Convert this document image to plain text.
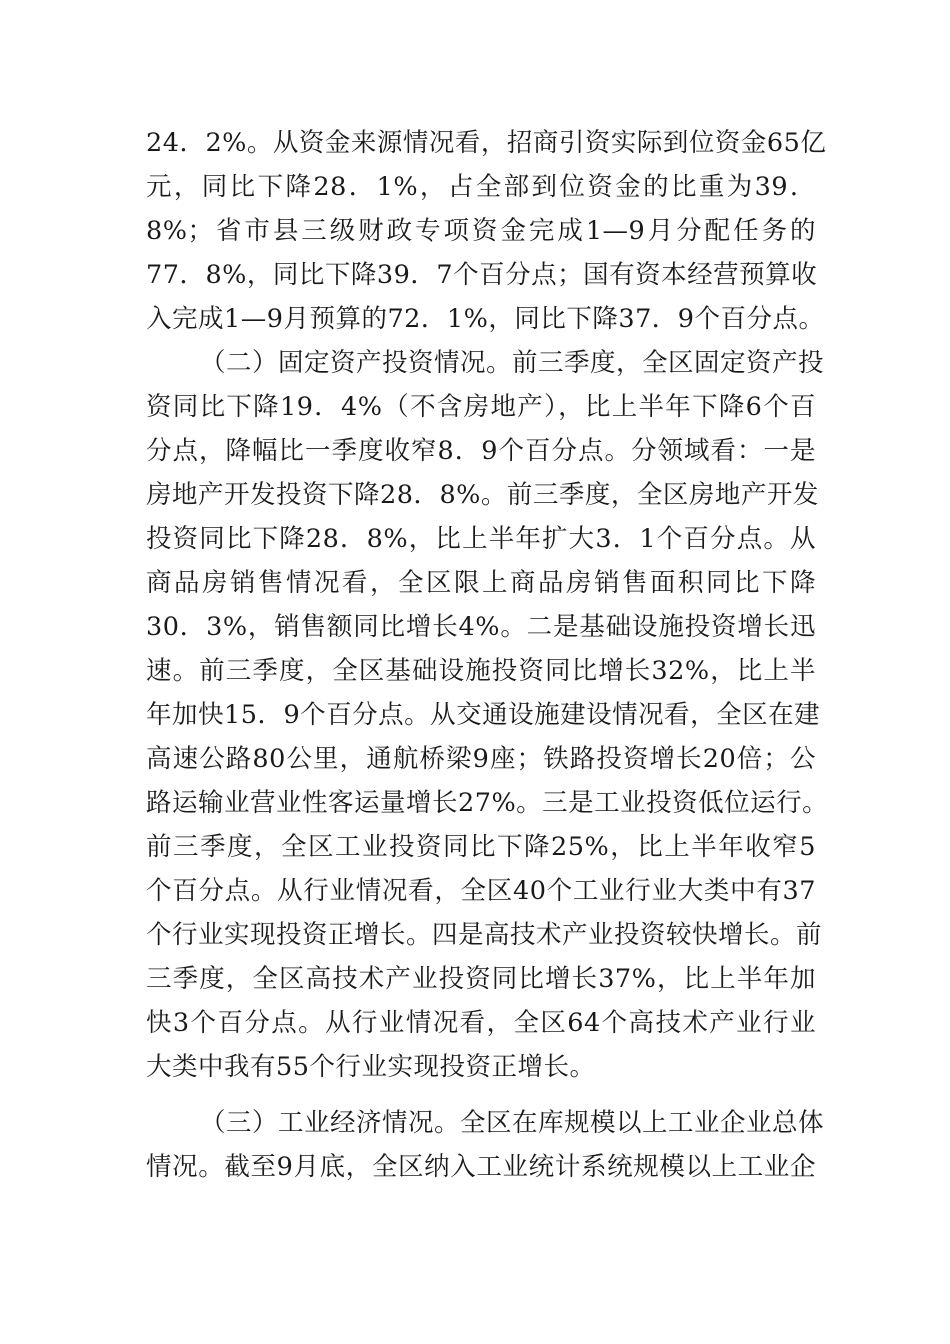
24．2%。从资金来源情况看，招商引资实际到位资金65亿
元，同比下降28．1%，占全部到位资金的比重为39．
8%；省市县三级财政专项资金完成1—9月分配任务的
77．8%，同比下降39．7个百分点；国有资本经营预算收
入完成1—9月预算的72．1%，同比下降37．9个百分点。
（二）固定资产投资情况。前三季度，全区固定资产投
资同比下降19．4%（不含房地产），比上半年下降6个百
分点，降幅比一季度收窄8．9个百分点。分领域看：一是
房地产开发投资下降28．8%。前三季度，全区房地产开发
投资同比下降28．8%，比上半年扩大3．1个百分点。从
商品房销售情况看，全区限上商品房销售面积同比下降
30．3%，销售额同比增长4%。二是基础设施投资增长迅
速。前三季度，全区基础设施投资同比增长32%，比上半
年加快15．9个百分点。从交通设施建设情况看，全区在建
高速公路80公里，通航桥梁9座；铁路投资增长20倍；公
路运输业营业性客运量增长27%。三是工业投资低位运行。
前三季度，全区工业投资同比下降25%，比上半年收窄5
个百分点。从行业情况看，全区40个工业行业大类中有37
个行业实现投资正增长。四是高技术产业投资较快增长。前
三季度，全区高技术产业投资同比增长37%，比上半年加
快3个百分点。从行业情况看，全区64个高技术产业行业
大类中我有55个行业实现投资正增长。
（三）工业经济情况。全区在库规模以上工业企业总体
情况。截至9月底，全区纳入工业统计系统规模以上工业企
